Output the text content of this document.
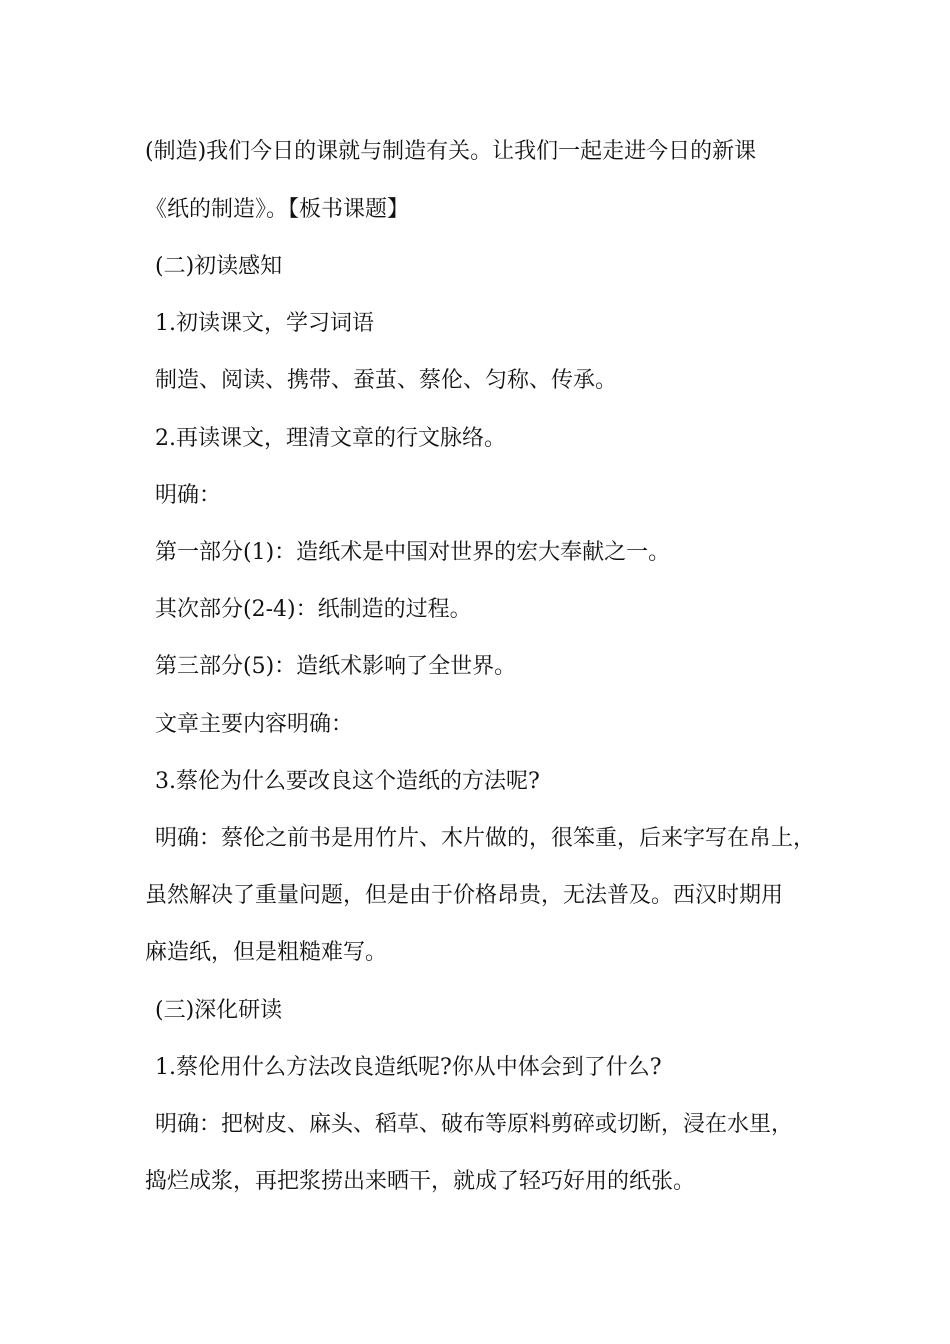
(制造)我们今日的课就与制造有关。让我们一起走进今日的新课
《纸的制造》。【板书课题】
(二)初读感知
1.初读课文，学习词语
制造、阅读、携带、蚕茧、蔡伦、匀称、传承。
2.再读课文，理清文章的行文脉络。
明确：
第一部分(1)：造纸术是中国对世界的宏大奉献之一。
其次部分(2-4)：纸制造的过程。
第三部分(5)：造纸术影响了全世界。
文章主要内容明确：
3.蔡伦为什么要改良这个造纸的方法呢?
明确：蔡伦之前书是用竹片、木片做的，很笨重，后来字写在帛上，
虽然解决了重量问题，但是由于价格昂贵，无法普及。西汉时期用
麻造纸，但是粗糙难写。
(三)深化研读
1.蔡伦用什么方法改良造纸呢?你从中体会到了什么?
明确：把树皮、麻头、稻草、破布等原料剪碎或切断，浸在水里，
捣烂成浆，再把浆捞出来晒干，就成了轻巧好用的纸张。
